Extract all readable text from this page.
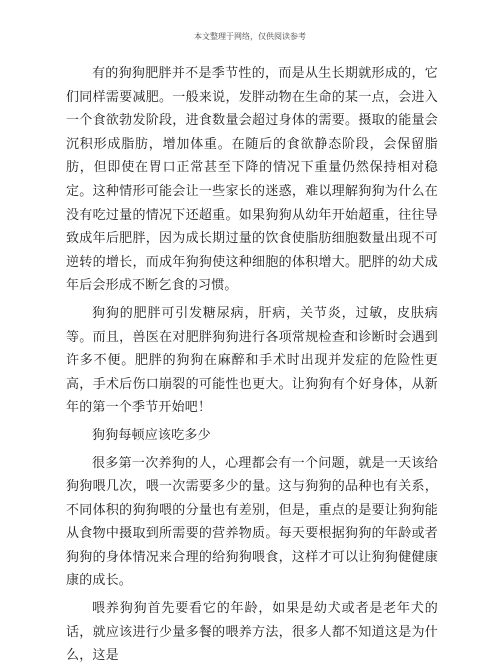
本文整理于网络，仅供阅读参考

有的狗狗肥胖并不是季节性的，而是从生长期就形成的，它们同样需要减肥。一般来说，发胖动物在生命的某一点，会进入一个食欲勃发阶段，进食数量会超过身体的需要。摄取的能量会沉积形成脂肪，增加体重。在随后的食欲静态阶段，会保留脂肪，但即使在胃口正常甚至下降的情况下重量仍然保持相对稳定。这种情形可能会让一些家长的迷惑，难以理解狗狗为什么在没有吃过量的情况下还超重。如果狗狗从幼年开始超重，往往导致成年后肥胖，因为成长期过量的饮食使脂肪细胞数量出现不可逆转的增长，而成年狗狗使这种细胞的体积增大。肥胖的幼犬成年后会形成不断乞食的习惯。

狗狗的肥胖可引发糖尿病，肝病，关节炎，过敏，皮肤病等。而且，兽医在对肥胖狗狗进行各项常规检查和诊断时会遇到许多不便。肥胖的狗狗在麻醉和手术时出现并发症的危险性更高，手术后伤口崩裂的可能性也更大。让狗狗有个好身体，从新年的第一个季节开始吧！

狗狗每顿应该吃多少

很多第一次养狗的人，心理都会有一个问题，就是一天该给狗狗喂几次，喂一次需要多少的量。这与狗狗的品种也有关系，不同体积的狗狗喂的分量也有差别，但是，重点的是要让狗狗能从食物中摄取到所需要的营养物质。每天要根据狗狗的年龄或者狗狗的身体情况来合理的给狗狗喂食，这样才可以让狗狗健健康康的成长。

喂养狗狗首先要看它的年龄，如果是幼犬或者是老年犬的话，就应该进行少量多餐的喂养方法，很多人都不知道这是为什么，这是
